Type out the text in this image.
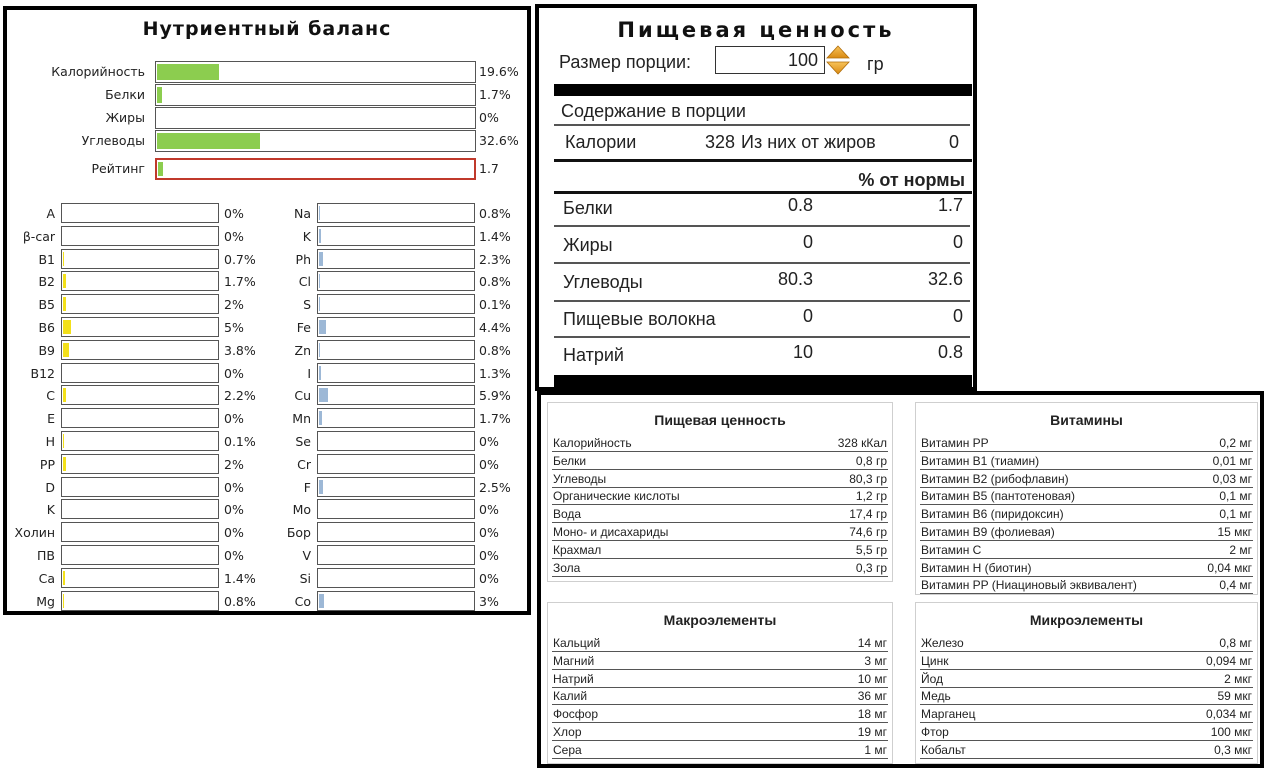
Нутриентный баланс
Калорийность	19.6%
Белки	1.7%
Жиры	0%
Углеводы	32.6%
Рейтинг	1.7
A	0%
β-car	0%
B1	0.7%
B2	1.7%
B5	2%
B6	5%
B9	3.8%
B12	0%
C	2.2%
E	0%
H	0.1%
PP	2%
D	0%
K	0%
Холин	0%
ПВ	0%
Ca	1.4%
Mg	0.8%
Na	0.8%
K	1.4%
Ph	2.3%
Cl	0.8%
S	0.1%
Fe	4.4%
Zn	0.8%
I	1.3%
Cu	5.9%
Mn	1.7%
Se	0%
Cr	0%
F	2.5%
Mo	0%
Бор	0%
V	0%
Si	0%
Co	3%
Пищевая ценность
Размер порции:
100	гр
Содержание в порции
Калории	328 Из них от жиров	0
% от нормы
Белки	0.8	1.7
Жиры	0	0
Углеводы	80.3	32.6
Пищевые волокна	0	0
Натрий	10	0.8
Пищевая ценность
Калорийность	328 кКал
Белки	0,8 гр
Углеводы	80,3 гр
Органические кислоты	1,2 гр
Вода	17,4 гр
Моно- и дисахариды	74,6 гр
Крахмал	5,5 гр
Зола	0,3 гр
Витамины
Витамин PP	0,2 мг
Витамин B1 (тиамин)	0,01 мг
Витамин B2 (рибофлавин)	0,03 мг
Витамин B5 (пантотеновая)	0,1 мг
Витамин B6 (пиридоксин)	0,1 мг
Витамин B9 (фолиевая)	15 мкг
Витамин C	2 мг
Витамин H (биотин)	0,04 мкг
Витамин PP (Ниациновый эквивалент)	0,4 мг
Макроэлементы
Кальций	14 мг
Магний	3 мг
Натрий	10 мг
Калий	36 мг
Фосфор	18 мг
Хлор	19 мг
Сера	1 мг
Микроэлементы
Железо	0,8 мг
Цинк	0,094 мг
Йод	2 мкг
Медь	59 мкг
Марганец	0,034 мг
Фтор	100 мкг
Кобальт	0,3 мкг
